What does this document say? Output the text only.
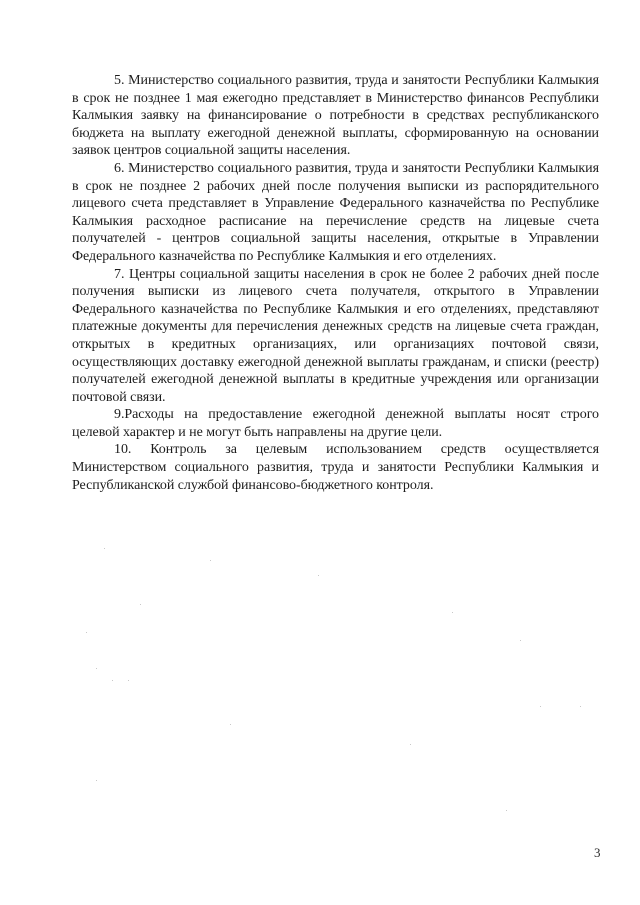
5. Министерство социального развития, труда и занятости Республики Калмыкия в срок не позднее 1 мая ежегодно представляет в Министерство финансов Республики Калмыкия заявку на финансирование о потребности в средствах республиканского бюджета на выплату ежегодной денежной выплаты, сформированную на основании заявок центров социальной защиты населения.

6. Министерство социального развития, труда и занятости Республики Калмыкия в срок не позднее 2 рабочих дней после получения выписки из распорядительного лицевого счета представляет в Управление Федерального казначейства по Республике Калмыкия расходное расписание на перечисление средств на лицевые счета получателей - центров социальной защиты населения, открытые в Управлении Федерального казначейства по Республике Калмыкия и его отделениях.

7. Центры социальной защиты населения в срок не более 2 рабочих дней после получения выписки из лицевого счета получателя, открытого в Управлении Федерального казначейства по Республике Калмыкия и его отделениях, представляют платежные документы для перечисления денежных средств на лицевые счета граждан, открытых в кредитных организациях, или организациях почтовой связи, осуществляющих доставку ежегодной денежной выплаты гражданам, и списки (реестр) получателей ежегодной денежной выплаты в кредитные учреждения или организации почтовой связи.

9.Расходы на предоставление ежегодной денежной выплаты носят строго целевой характер и не могут быть направлены на другие цели.

10. Контроль за целевым использованием средств осуществляется Министерством социального развития, труда и занятости Республики Калмыкия и Республиканской службой финансово-бюджетного контроля.

3
